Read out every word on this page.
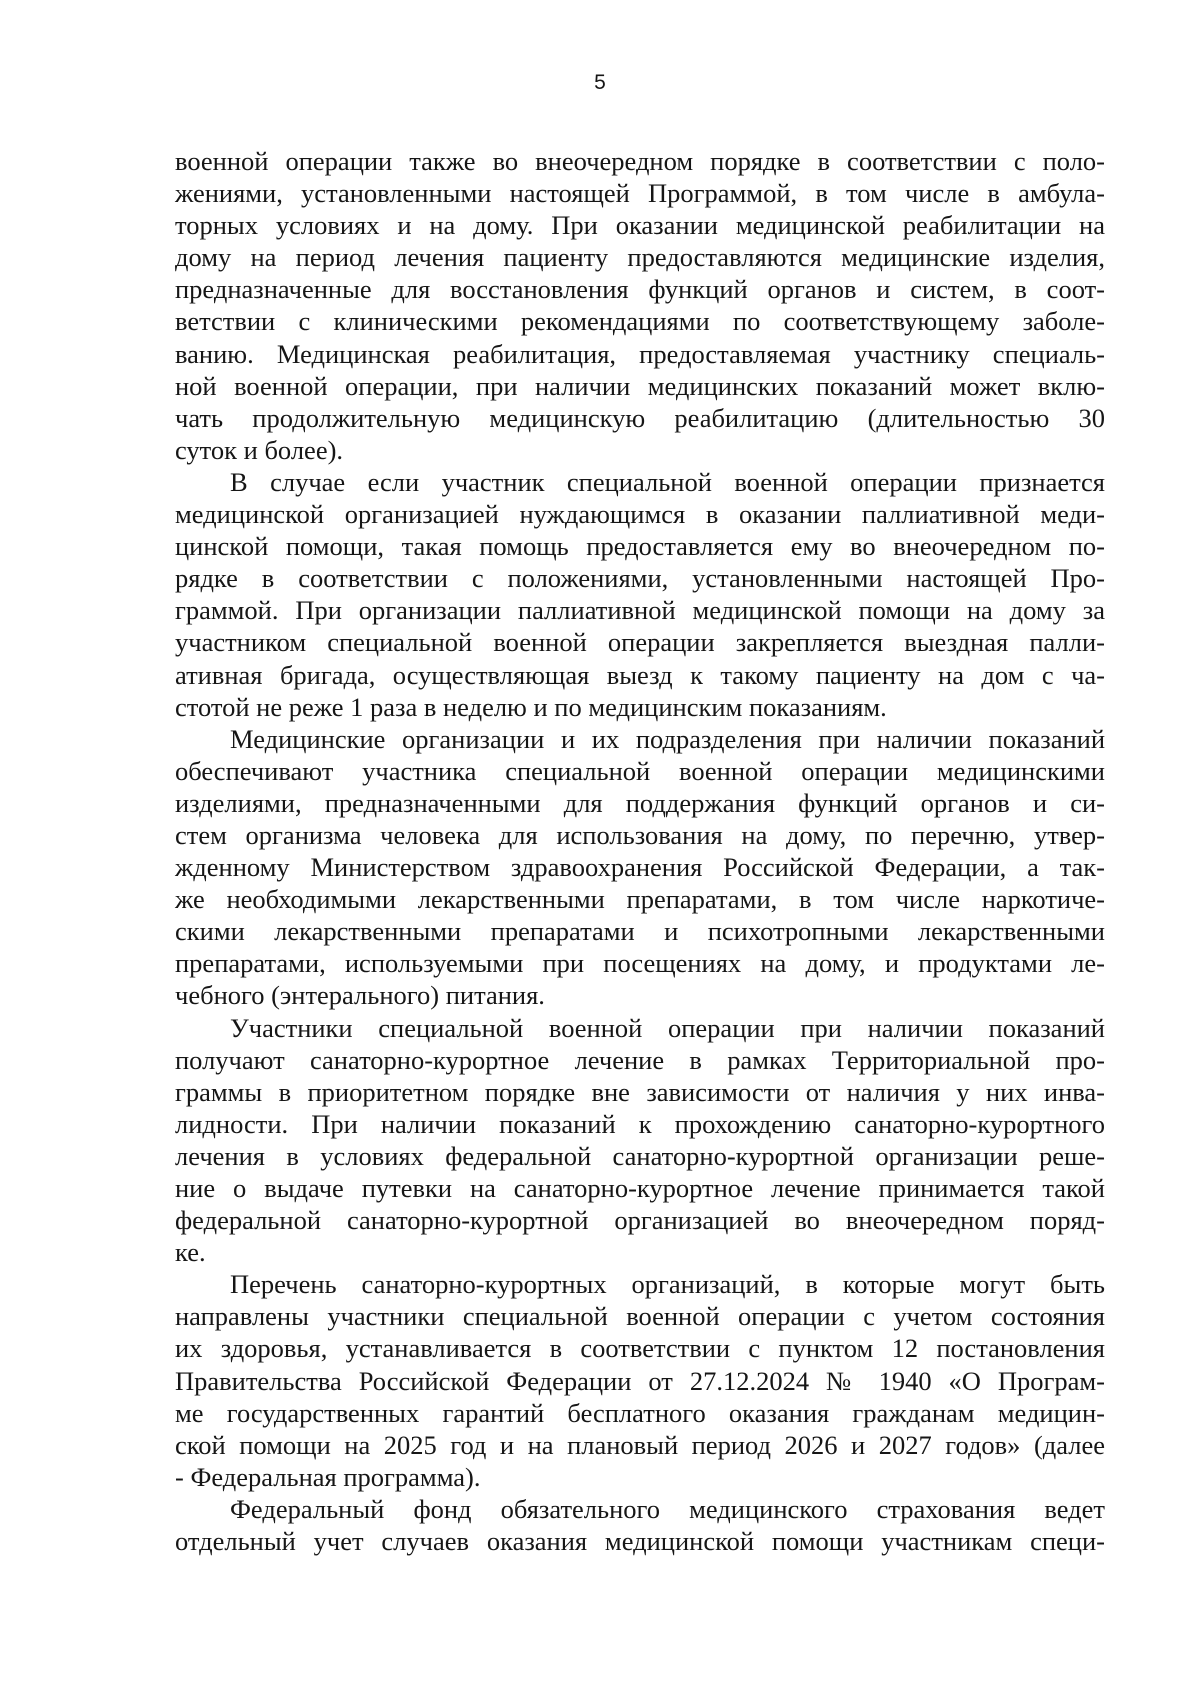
5
военной операции также во внеочередном порядке в соответствии с поло-
жениями, установленными настоящей Программой, в том числе в амбула-
торных условиях и на дому. При оказании медицинской реабилитации на
дому на период лечения пациенту предоставляются медицинские изделия,
предназначенные для восстановления функций органов и систем, в соот-
ветствии с клиническими рекомендациями по соответствующему заболе-
ванию. Медицинская реабилитация, предоставляемая участнику специаль-
ной военной операции, при наличии медицинских показаний может вклю-
чать продолжительную медицинскую реабилитацию (длительностью 30
суток и более).
В случае если участник специальной военной операции признается
медицинской организацией нуждающимся в оказании паллиативной меди-
цинской помощи, такая помощь предоставляется ему во внеочередном по-
рядке в соответствии с положениями, установленными настоящей Про-
граммой. При организации паллиативной медицинской помощи на дому за
участником специальной военной операции закрепляется выездная палли-
ативная бригада, осуществляющая выезд к такому пациенту на дом с ча-
стотой не реже 1 раза в неделю и по медицинским показаниям.
Медицинские организации и их подразделения при наличии показаний
обеспечивают участника специальной военной операции медицинскими
изделиями, предназначенными для поддержания функций органов и си-
стем организма человека для использования на дому, по перечню, утвер-
жденному Министерством здравоохранения Российской Федерации, а так-
же необходимыми лекарственными препаратами, в том числе наркотиче-
скими лекарственными препаратами и психотропными лекарственными
препаратами, используемыми при посещениях на дому, и продуктами ле-
чебного (энтерального) питания.
Участники специальной военной операции при наличии показаний
получают санаторно-курортное лечение в рамках Территориальной про-
граммы в приоритетном порядке вне зависимости от наличия у них инва-
лидности. При наличии показаний к прохождению санаторно-курортного
лечения в условиях федеральной санаторно-курортной организации реше-
ние о выдаче путевки на санаторно-курортное лечение принимается такой
федеральной санаторно-курортной организацией во внеочередном поряд-
ке.
Перечень санаторно-курортных организаций, в которые могут быть
направлены участники специальной военной операции с учетом состояния
их здоровья, устанавливается в соответствии с пунктом 12 постановления
Правительства Российской Федерации от 27.12.2024 № 1940 «О Програм-
ме государственных гарантий бесплатного оказания гражданам медицин-
ской помощи на 2025 год и на плановый период 2026 и 2027 годов» (далее
- Федеральная программа).
Федеральный фонд обязательного медицинского страхования ведет
отдельный учет случаев оказания медицинской помощи участникам специ-
